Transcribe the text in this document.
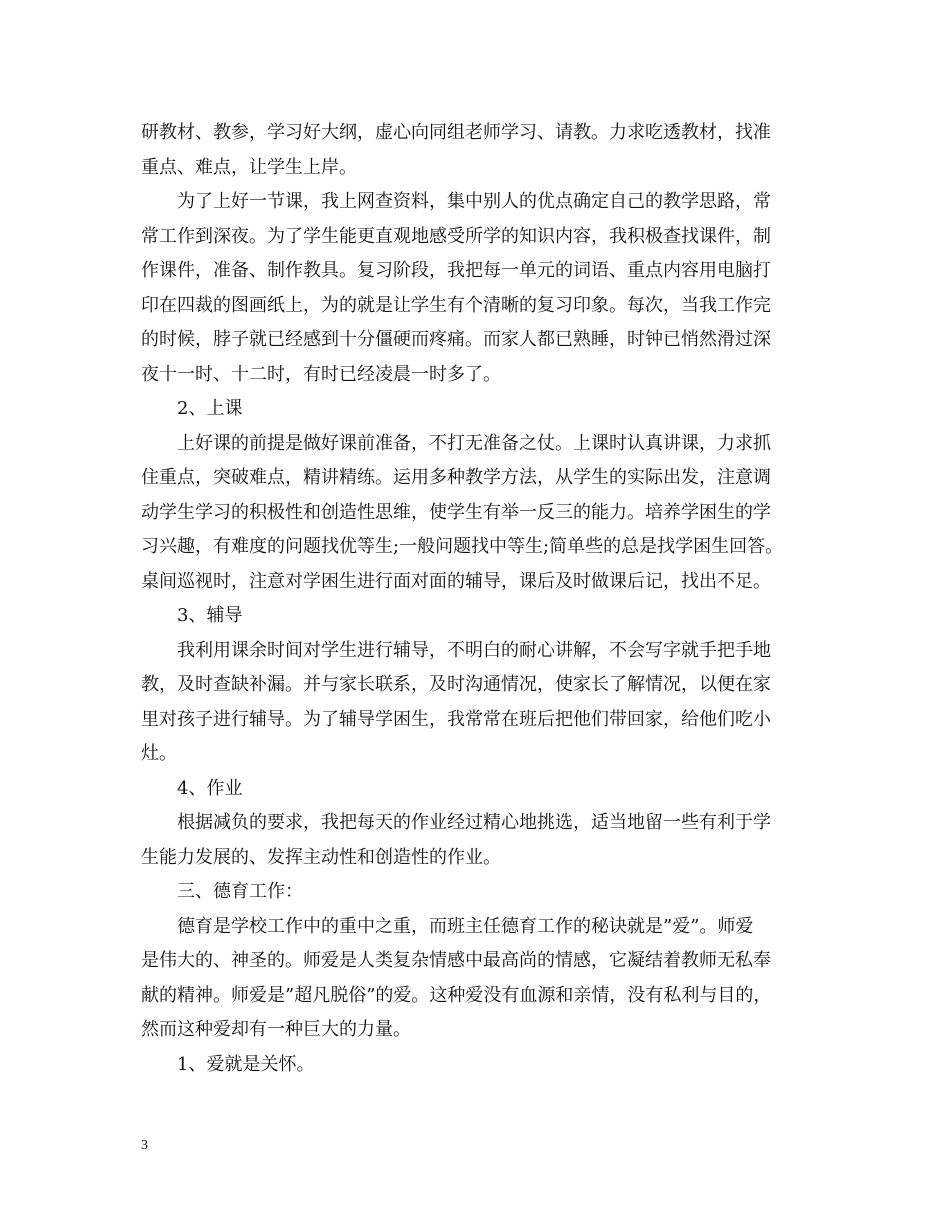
研教材、教参，学习好大纲，虚心向同组老师学习、请教。力求吃透教材，找准
重点、难点，让学生上岸。
为了上好一节课，我上网查资料，集中别人的优点确定自己的教学思路，常
常工作到深夜。为了学生能更直观地感受所学的知识内容，我积极查找课件，制
作课件，准备、制作教具。复习阶段，我把每一单元的词语、重点内容用电脑打
印在四裁的图画纸上，为的就是让学生有个清晰的复习印象。每次，当我工作完
的时候，脖子就已经感到十分僵硬而疼痛。而家人都已熟睡，时钟已悄然滑过深
夜十一时、十二时，有时已经凌晨一时多了。
2、上课
上好课的前提是做好课前准备，不打无准备之仗。上课时认真讲课，力求抓
住重点，突破难点，精讲精练。运用多种教学方法，从学生的实际出发，注意调
动学生学习的积极性和创造性思维，使学生有举一反三的能力。培养学困生的学
习兴趣，有难度的问题找优等生;一般问题找中等生;简单些的总是找学困生回答。
桌间巡视时，注意对学困生进行面对面的辅导，课后及时做课后记，找出不足。
3、辅导
我利用课余时间对学生进行辅导，不明白的耐心讲解，不会写字就手把手地
教，及时查缺补漏。并与家长联系，及时沟通情况，使家长了解情况，以便在家
里对孩子进行辅导。为了辅导学困生，我常常在班后把他们带回家，给他们吃小
灶。
4、作业
根据减负的要求，我把每天的作业经过精心地挑选，适当地留一些有利于学
生能力发展的、发挥主动性和创造性的作业。
三、德育工作：
德育是学校工作中的重中之重，而班主任德育工作的秘诀就是”爱”。师爱
是伟大的、神圣的。师爱是人类复杂情感中最高尚的情感，它凝结着教师无私奉
献的精神。师爱是”超凡脱俗”的爱。这种爱没有血源和亲情，没有私利与目的，
然而这种爱却有一种巨大的力量。
1、爱就是关怀。
3
